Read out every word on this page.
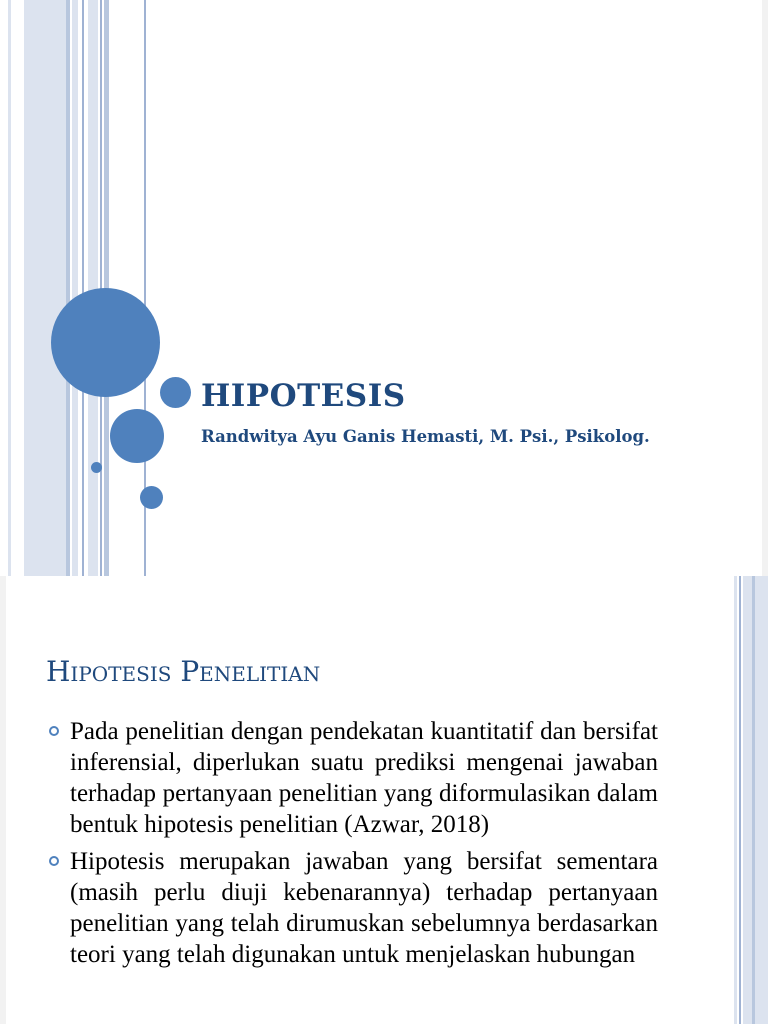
HIPOTESIS

Randwitya Ayu Ganis Hemasti, M. Psi., Psikolog.

Hipotesis Penelitian
Pada penelitian dengan pendekatan kuantitatif dan bersifat inferensial, diperlukan suatu prediksi mengenai jawaban terhadap pertanyaan penelitian yang diformulasikan dalam bentuk hipotesis penelitian (Azwar, 2018)
Hipotesis merupakan jawaban yang bersifat sementara (masih perlu diuji kebenarannya) terhadap pertanyaan penelitian yang telah dirumuskan sebelumnya berdasarkan teori yang telah digunakan untuk menjelaskan hubungan
